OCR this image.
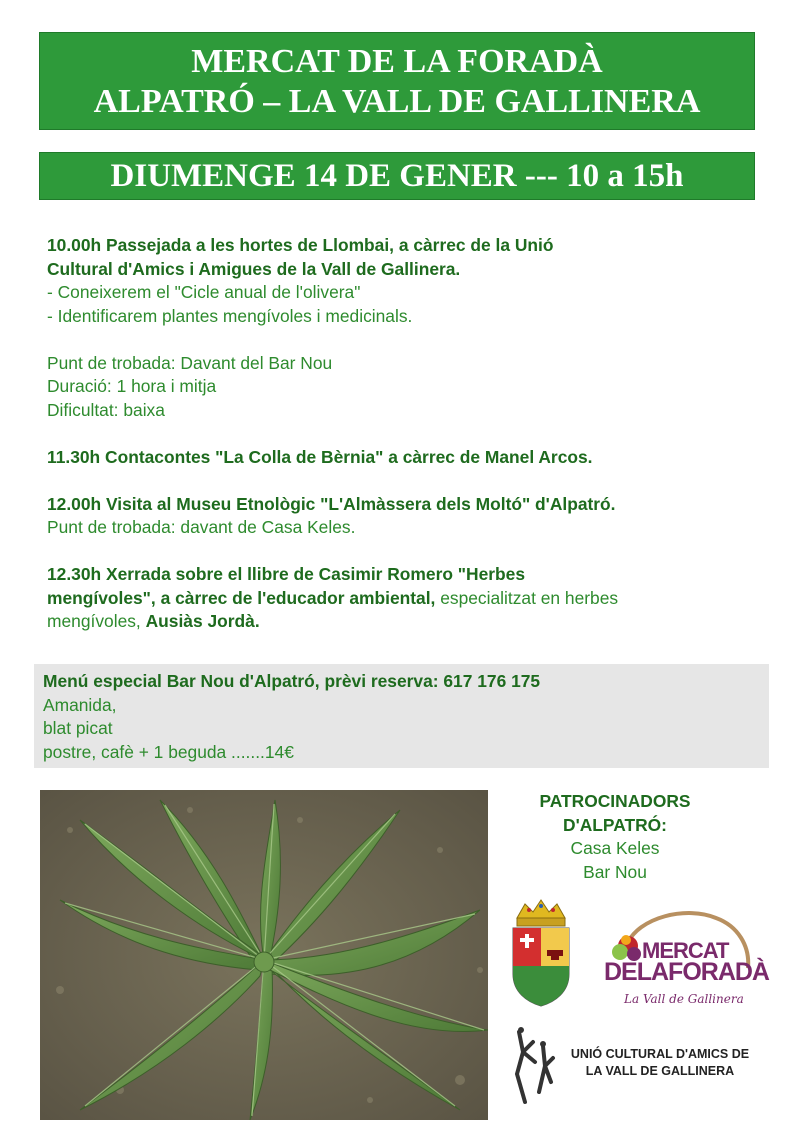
MERCAT DE LA FORADÀ
ALPATRÓ – LA VALL DE GALLINERA
DIUMENGE 14 DE GENER --- 10 a 15h

10.00h Passejada a les hortes de Llombai, a càrrec de la Unió

Cultural d'Amics i Amigues de la Vall de Gallinera.

- Coneixerem el "Cicle anual de l'olivera"

- Identificarem plantes mengívoles i medicinals.

Punt de trobada: Davant del Bar Nou

Duració: 1 hora i mitja

Dificultat: baixa

11.30h Contacontes "La Colla de Bèrnia" a càrrec de Manel Arcos.

12.00h Visita al Museu Etnològic "L'Almàssera dels Moltó" d'Alpatró.

Punt de trobada: davant de Casa Keles.

12.30h Xerrada sobre el llibre de Casimir Romero "Herbes

mengívoles", a càrrec de l'educador ambiental, especialitzat en herbes

mengívoles, Ausiàs Jordà.

Menú especial Bar Nou d'Alpatró, prèvi reserva: 617 176 175

Amanida,

blat picat

postre, cafè + 1 beguda .......14€

PATROCINADORS

D'ALPATRÓ:

Casa Keles

Bar Nou

MERCAT
DELAFORADÀ
La Vall de Gallinera

UNIÓ CULTURAL D'AMICS DE

LA VALL DE GALLINERA
